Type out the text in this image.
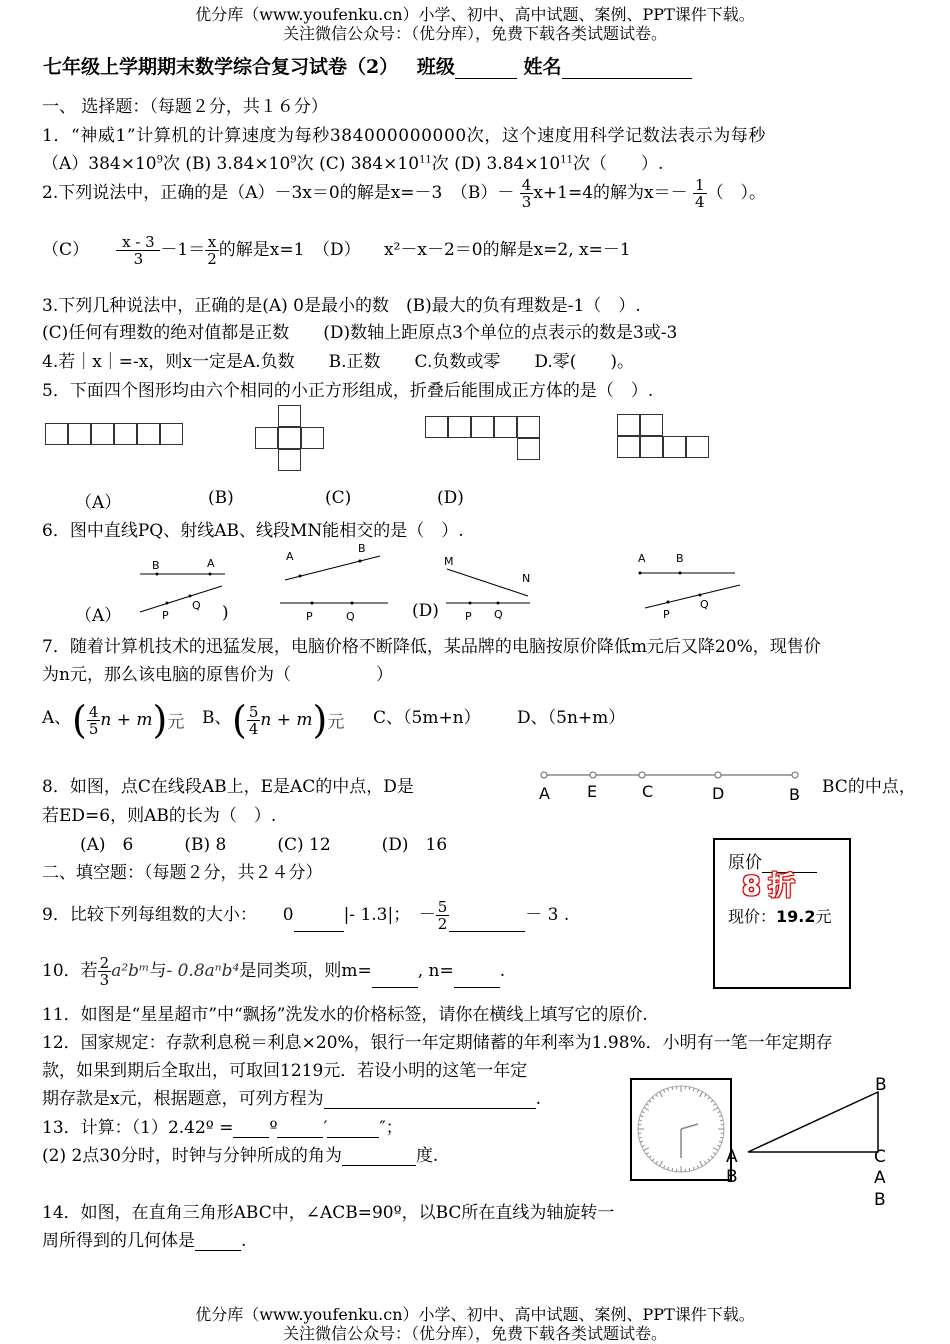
优分库（www.youfenku.cn）小学、初中、高中试题、案例、PPT课件下载。
关注微信公众号：（优分库），免费下载各类试题试卷。
七年级上学期期末数学综合复习试卷（2） 班级	姓名
一、 选择题：（每题２分，共１６分）
1．“神威1”计算机的计算速度为每秒384000000000次，这个速度用科学记数法表示为每秒
$(A)384\times 10^9$次 (B) $3.84\times 10^9$次 (C) $384\times 10^{11}$次 (D) $3.84\times 10^{11}$次（　　）.
2.下列说法中，正确的是（A）－3x＝0的解是x=－3　$(B)- \frac{4}{3} x+1=4$的解为$x=- \frac{1}{4}$ （　）。
$(C) \frac{x - 3}{3} -1= \frac{x}{2}$ 的解是x=1　（D） x²－x－2＝0的解是x=2, x=－1
3.下列几种说法中，正确的是(A) 0是最小的数　(B)最大的负有理数是-1（　）.
(C)任何有理数的绝对值都是正数　　(D)数轴上距原点3个单位的点表示的数是3或-3
4.若｜x｜=-x，则x一定是A.负数　　B.正数　　C.负数或零　　D.零(　　)。
5．下面四个图形均由六个相同的小正方形组成，折叠后能围成正方体的是（　）.
（A）	(B)	(C)	(D)
6．图中直线PQ、射线AB、线段MN能相交的是（　）.
B	A
P
Q
A
B
P	Q
M
N
P Q
A	B
P
Q
（A）	)	(D)
7．随着计算机技术的迅猛发展，电脑价格不断降低，某品牌的电脑按原价降低m元后又降20%，现售价
为n元，那么该电脑的原售价为（　　　　　）
A、 ( $\frac{4}{5}$ n + m)元 B、 ( $\frac{5}{4}$ n + m)元 C、（5m+n） D、（5n+m）
8．如图，点C在线段AB上，E是AC的中点，D是	BC的中点，
A E	C	D	B
若ED=6，则AB的长为（　）.
(A)　6　　　(B) 8　　　(C) 12　　　(D)　16
二、填空题：（每题２分，共２４分）	原价
8 折
现价：19.2元
9．比较下列每组数的大小：　 0	|- 1.3|；　－ $\frac{5}{2}$	－ 3 .
10．若 $\frac{2}{3}$ a²bᵐ与- 0.8aⁿb⁴是同类项，则m=	, n=	.
11．如图是“星星超市”中“飘扬”洗发水的价格标签，请你在横线上填写它的原价.
12．国家规定：存款利息税＝利息×20%，银行一年定期储蓄的年利率为1.98%．小明有一笔一年定期存
款，如果到期后全取出，可取回1219元．若设小明的这笔一年定
期存款是x元，根据题意，可列方程为	.
13．计算：（1）2.42º = º	′	″；
(2) 2点30分时，时钟与分钟所成的角为	度.
B
A
B
C
A
B
14．如图，在直角三角形ABC中，∠ACB=90º，以BC所在直线为轴旋转一
周所得到的几何体是	.
优分库（www.youfenku.cn）小学、初中、高中试题、案例、PPT课件下载。
关注微信公众号：（优分库），免费下载各类试题试卷。
